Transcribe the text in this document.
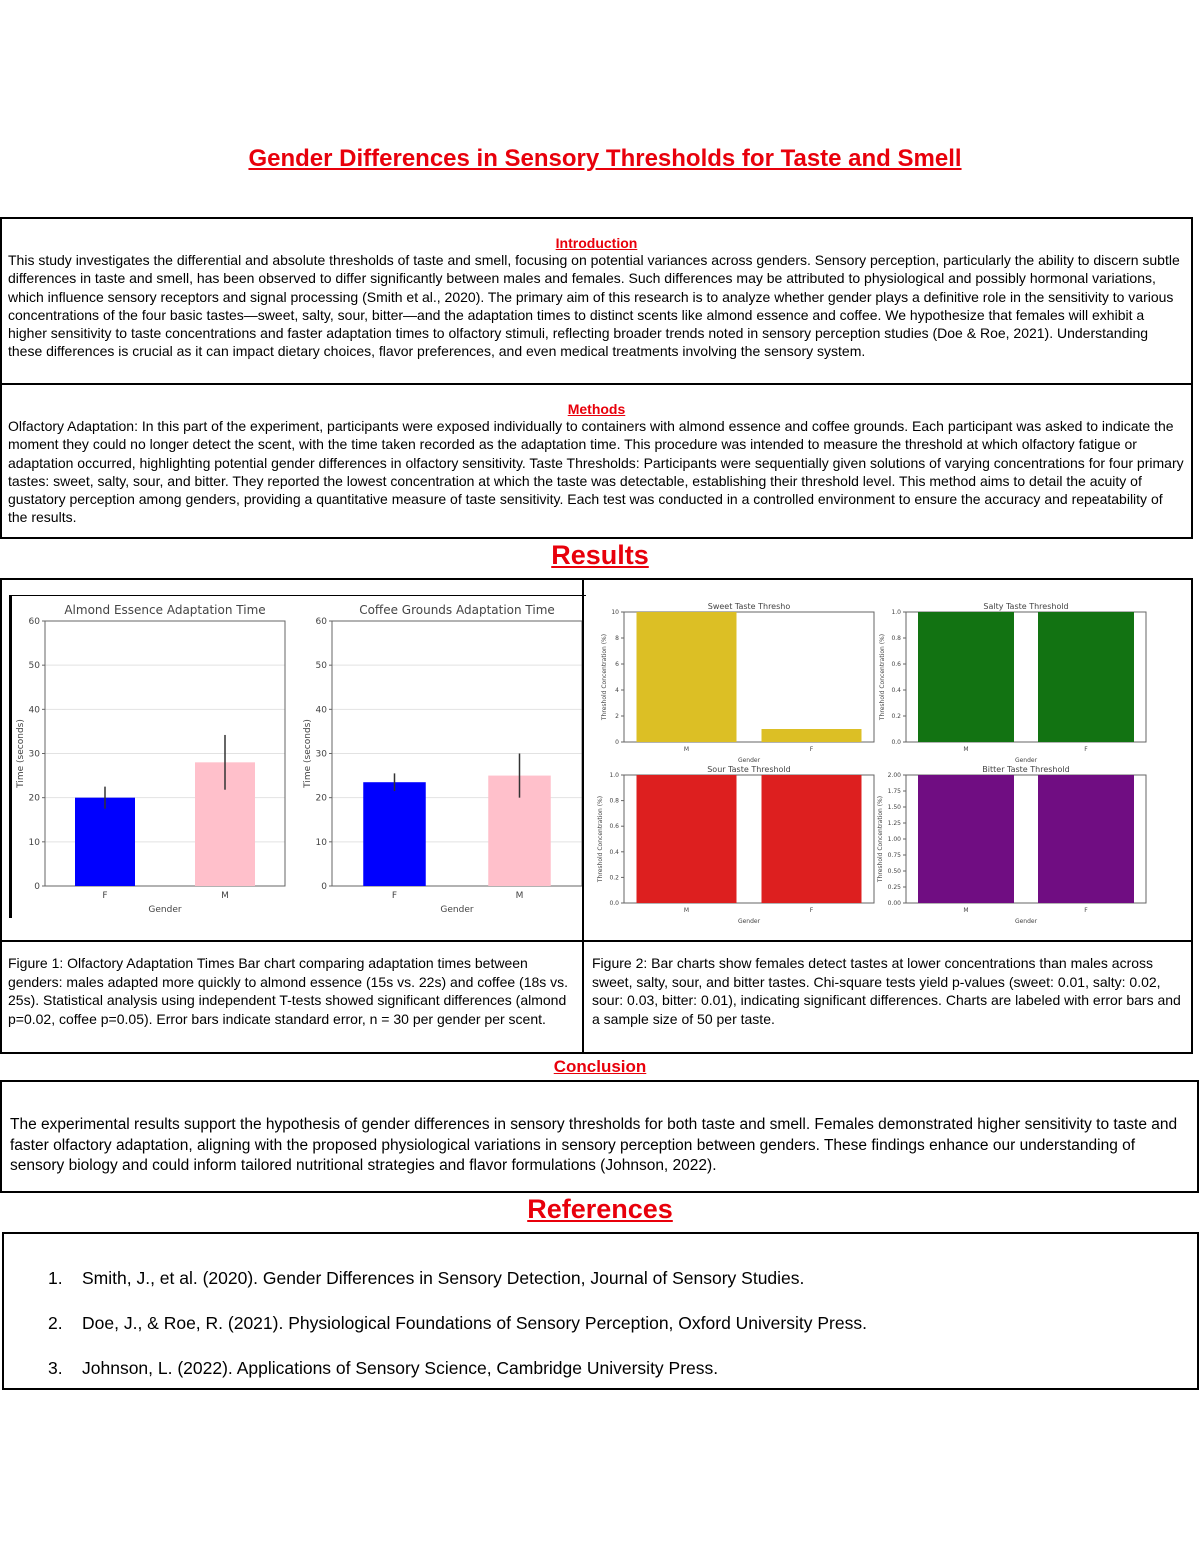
Gender Differences in Sensory Thresholds for Taste and Smell
Introduction
This study investigates the differential and absolute thresholds of taste and smell, focusing on potential variances across genders. Sensory perception, particularly the ability to discern subtle differences in taste and smell, has been observed to differ significantly between males and females. Such differences may be attributed to physiological and possibly hormonal variations, which influence sensory receptors and signal processing (Smith et al., 2020). The primary aim of this research is to analyze whether gender plays a definitive role in the sensitivity to various concentrations of the four basic tastes—sweet, salty, sour, bitter—and the adaptation times to distinct scents like almond essence and coffee. We hypothesize that females will exhibit a higher sensitivity to taste concentrations and faster adaptation times to olfactory stimuli, reflecting broader trends noted in sensory perception studies (Doe & Roe, 2021). Understanding these differences is crucial as it can impact dietary choices, flavor preferences, and even medical treatments involving the sensory system.
Methods
Olfactory Adaptation: In this part of the experiment, participants were exposed individually to containers with almond essence and coffee grounds. Each participant was asked to indicate the moment they could no longer detect the scent, with the time taken recorded as the adaptation time. This procedure was intended to measure the threshold at which olfactory fatigue or adaptation occurred, highlighting potential gender differences in olfactory sensitivity. Taste Thresholds: Participants were sequentially given solutions of varying concentrations for four primary tastes: sweet, salty, sour, and bitter. They reported the lowest concentration at which the taste was detectable, establishing their threshold level. This method aims to detail the acuity of gustatory perception among genders, providing a quantitative measure of taste sensitivity. Each test was conducted in a controlled environment to ensure the accuracy and repeatability of the results.
Results
Almond Essence Adaptation Time
0
10
20
30
40
50
60
F	M
Gender
Time (seconds)
Coffee Grounds Adaptation Time
0
10
20
30
40
50
60
F	M
Gender
Time (seconds)
Sweet Taste Thresho
0
2
4
6
8
10
M	F
Gender
Threshold Concentration (%)
Salty Taste Threshold
0.0
0.2
0.4
0.6
0.8
1.0
M	F
Gender
Threshold Concentration (%)
Sour Taste Threshold
0.0
0.2
0.4
0.6
0.8
1.0
M	F
Gender
Threshold Concentration (%)
Bitter Taste Threshold
0.00
0.25
0.50
0.75
1.00
1.25
1.50
1.75
2.00
M	F
Gender
Threshold Concentration (%)
Figure 1: Olfactory Adaptation Times Bar chart comparing adaptation times between genders: males adapted more quickly to almond essence (15s vs. 22s) and coffee (18s vs. 25s). Statistical analysis using independent T-tests showed significant differences (almond p=0.02, coffee p=0.05). Error bars indicate standard error, n = 30 per gender per scent.
Figure 2: Bar charts show females detect tastes at lower concentrations than males across sweet, salty, sour, and bitter tastes. Chi-square tests yield p-values (sweet: 0.01, salty: 0.02, sour: 0.03, bitter: 0.01), indicating significant differences. Charts are labeled with error bars and a sample size of 50 per taste.
Conclusion
The experimental results support the hypothesis of gender differences in sensory thresholds for both taste and smell. Females demonstrated higher sensitivity to taste and faster olfactory adaptation, aligning with the proposed physiological variations in sensory perception between genders. These findings enhance our understanding of sensory biology and could inform tailored nutritional strategies and flavor formulations (Johnson, 2022).
References
1. Smith, J., et al. (2020). Gender Differences in Sensory Detection, Journal of Sensory Studies.
2. Doe, J., & Roe, R. (2021). Physiological Foundations of Sensory Perception, Oxford University Press.
3. Johnson, L. (2022). Applications of Sensory Science, Cambridge University Press.
